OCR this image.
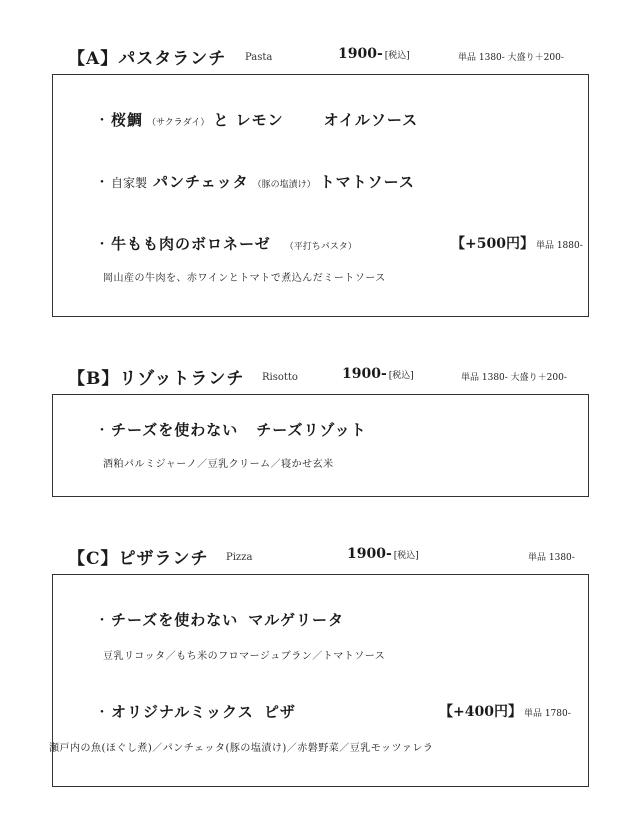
【A】パスタランチ Pasta	1900- [税込]	単品 1380- 大盛り＋200-
・ 桜鯛 （サクラダイ） と レモン	オイルソース
・ 自家製 パンチェッタ （豚の塩漬け） トマトソース
・ 牛もも肉のボロネーゼ （平打ちパスタ）	【+500円】 単品 1880-
岡山産の牛肉を、赤ワインとトマトで煮込んだミートソース
【B】リゾットランチ Risotto	1900- [税込]	単品 1380- 大盛り＋200-
・ チーズを使わない チーズリゾット
酒粕パルミジャーノ／豆乳クリーム／寝かせ玄米
【C】ピザランチ Pizza	1900- [税込]	単品 1380-
・ チーズを使わない マルゲリータ
豆乳リコッタ／もち米のフロマージュブラン／トマトソース
・ オリジナルミックス ピザ	【+400円】 単品 1780-
瀬戸内の魚(ほぐし煮)／パンチェッタ(豚の塩漬け)／赤磐野菜／豆乳モッツァレラ
